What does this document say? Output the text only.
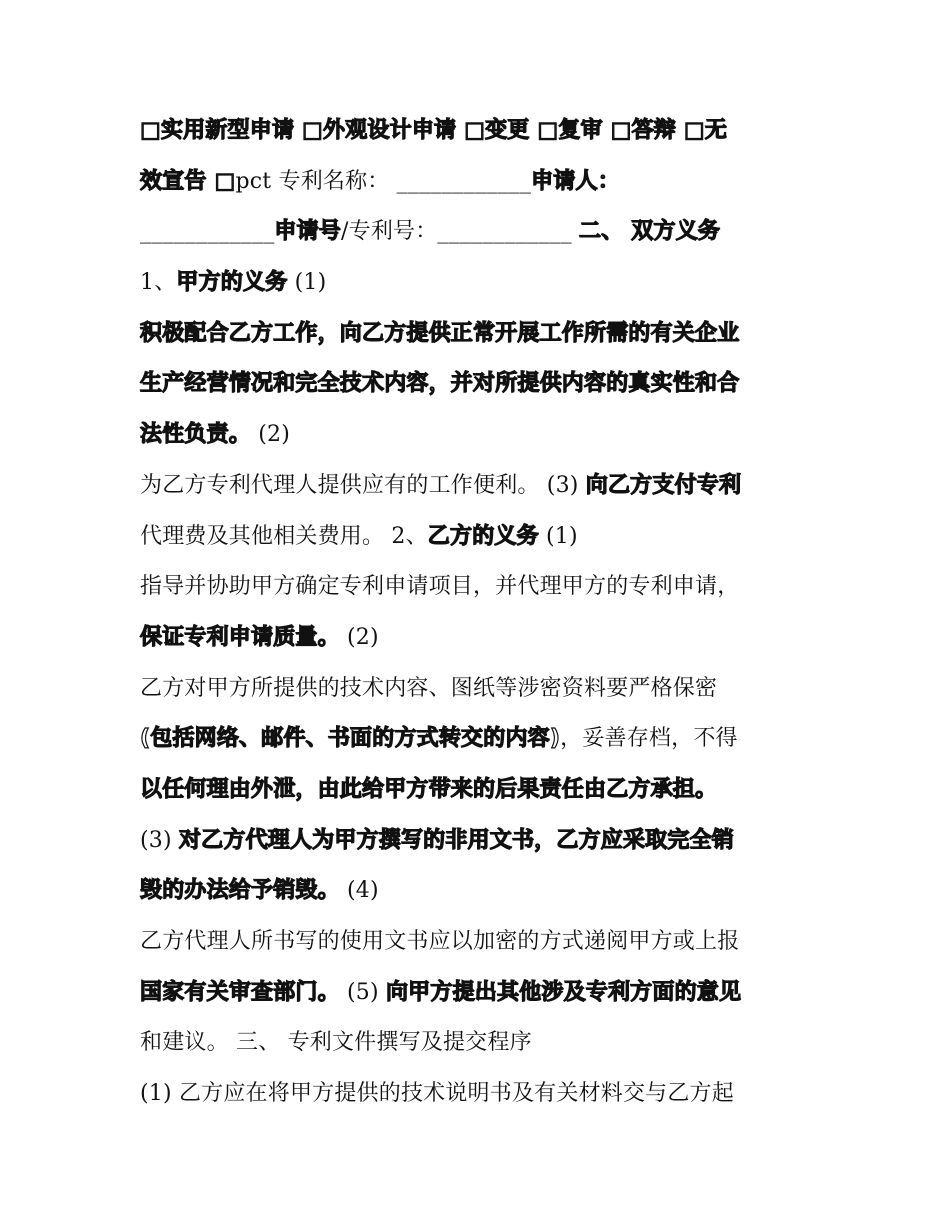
□实用新型申请 □外观设计申请 □变更 □复审 □答辩 □无
效宣告 □pct 专利名称： ____________申请人：
____________申请号/专利号：____________ 二、 双方义务
1、甲方的义务 (1)
积极配合乙方工作，向乙方提供正常开展工作所需的有关企业
生产经营情况和完全技术内容，并对所提供内容的真实性和合
法性负责。 (2)
为乙方专利代理人提供应有的工作便利。 (3) 向乙方支付专利
代理费及其他相关费用。 2、乙方的义务 (1)
指导并协助甲方确定专利申请项目，并代理甲方的专利申请，
保证专利申请质量。 (2)
乙方对甲方所提供的技术内容、图纸等涉密资料要严格保密
(包括网络、邮件、书面的方式转交的内容)，妥善存档，不得
以任何理由外泄，由此给甲方带来的后果责任由乙方承担。
(3) 对乙方代理人为甲方撰写的非用文书，乙方应采取完全销
毁的办法给予销毁。 (4)
乙方代理人所书写的使用文书应以加密的方式递阅甲方或上报
国家有关审查部门。 (5) 向甲方提出其他涉及专利方面的意见
和建议。 三、 专利文件撰写及提交程序
(1) 乙方应在将甲方提供的技术说明书及有关材料交与乙方起
